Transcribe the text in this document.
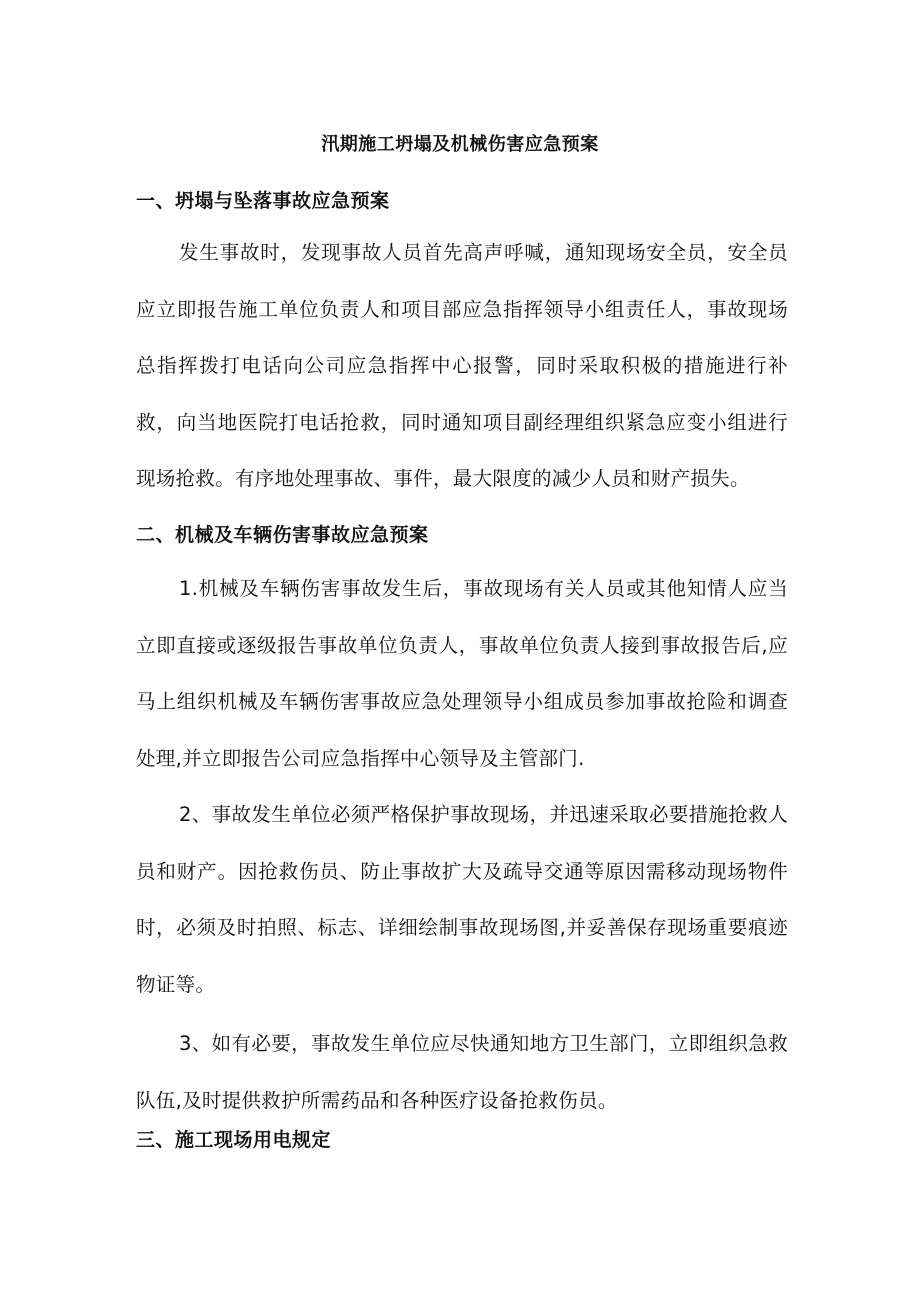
汛期施工坍塌及机械伤害应急预案
一、坍塌与坠落事故应急预案

发生事故时，发现事故人员首先高声呼喊，通知现场安全员，安全员应立即报告施工单位负责人和项目部应急指挥领导小组责任人，事故现场总指挥拨打电话向公司应急指挥中心报警，同时采取积极的措施进行补救，向当地医院打电话抢救，同时通知项目副经理组织紧急应变小组进行现场抢救。有序地处理事故、事件，最大限度的减少人员和财产损失。

二、机械及车辆伤害事故应急预案

1.机械及车辆伤害事故发生后，事故现场有关人员或其他知情人应当立即直接或逐级报告事故单位负责人，事故单位负责人接到事故报告后,应马上组织机械及车辆伤害事故应急处理领导小组成员参加事故抢险和调查处理,并立即报告公司应急指挥中心领导及主管部门.

2、事故发生单位必须严格保护事故现场，并迅速采取必要措施抢救人员和财产。因抢救伤员、防止事故扩大及疏导交通等原因需移动现场物件时，必须及时拍照、标志、详细绘制事故现场图,并妥善保存现场重要痕迹物证等。

3、如有必要，事故发生单位应尽快通知地方卫生部门，立即组织急救队伍,及时提供救护所需药品和各种医疗设备抢救伤员。

三、施工现场用电规定
